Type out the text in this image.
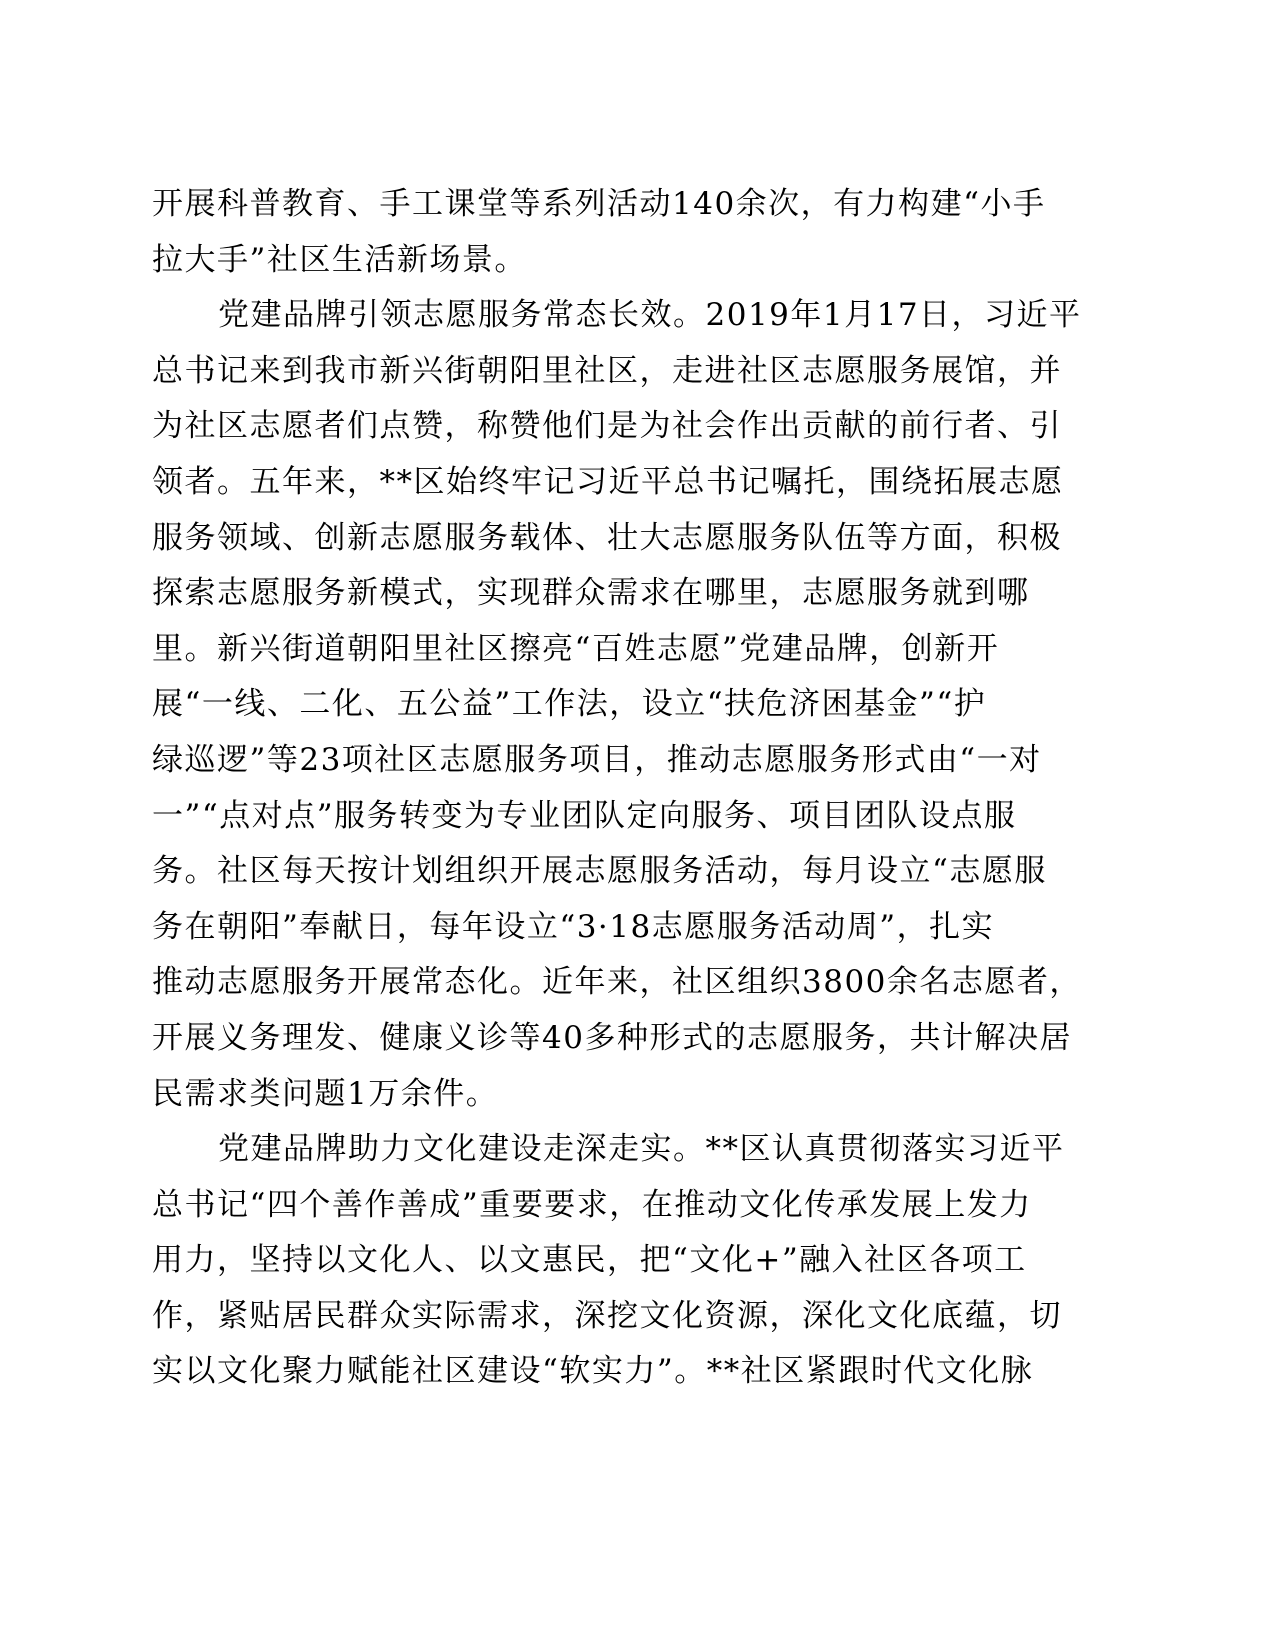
开展科普教育、手工课堂等系列活动140余次，有力构建“小手
拉大手”社区生活新场景。
党建品牌引领志愿服务常态长效。2019年1月17日，习近平
总书记来到我市新兴街朝阳里社区，走进社区志愿服务展馆，并
为社区志愿者们点赞，称赞他们是为社会作出贡献的前行者、引
领者。五年来，**区始终牢记习近平总书记嘱托，围绕拓展志愿
服务领域、创新志愿服务载体、壮大志愿服务队伍等方面，积极
探索志愿服务新模式，实现群众需求在哪里，志愿服务就到哪
里。新兴街道朝阳里社区擦亮“百姓志愿”党建品牌，创新开
展“一线、二化、五公益”工作法，设立“扶危济困基金”“护
绿巡逻”等23项社区志愿服务项目，推动志愿服务形式由“一对
一”“点对点”服务转变为专业团队定向服务、项目团队设点服
务。社区每天按计划组织开展志愿服务活动，每月设立“志愿服
务在朝阳”奉献日，每年设立“3·18志愿服务活动周”，扎实
推动志愿服务开展常态化。近年来，社区组织3800余名志愿者，
开展义务理发、健康义诊等40多种形式的志愿服务，共计解决居
民需求类问题1万余件。
党建品牌助力文化建设走深走实。**区认真贯彻落实习近平
总书记“四个善作善成”重要要求，在推动文化传承发展上发力
用力，坚持以文化人、以文惠民，把“文化+”融入社区各项工
作，紧贴居民群众实际需求，深挖文化资源，深化文化底蕴，切
实以文化聚力赋能社区建设“软实力”。**社区紧跟时代文化脉
